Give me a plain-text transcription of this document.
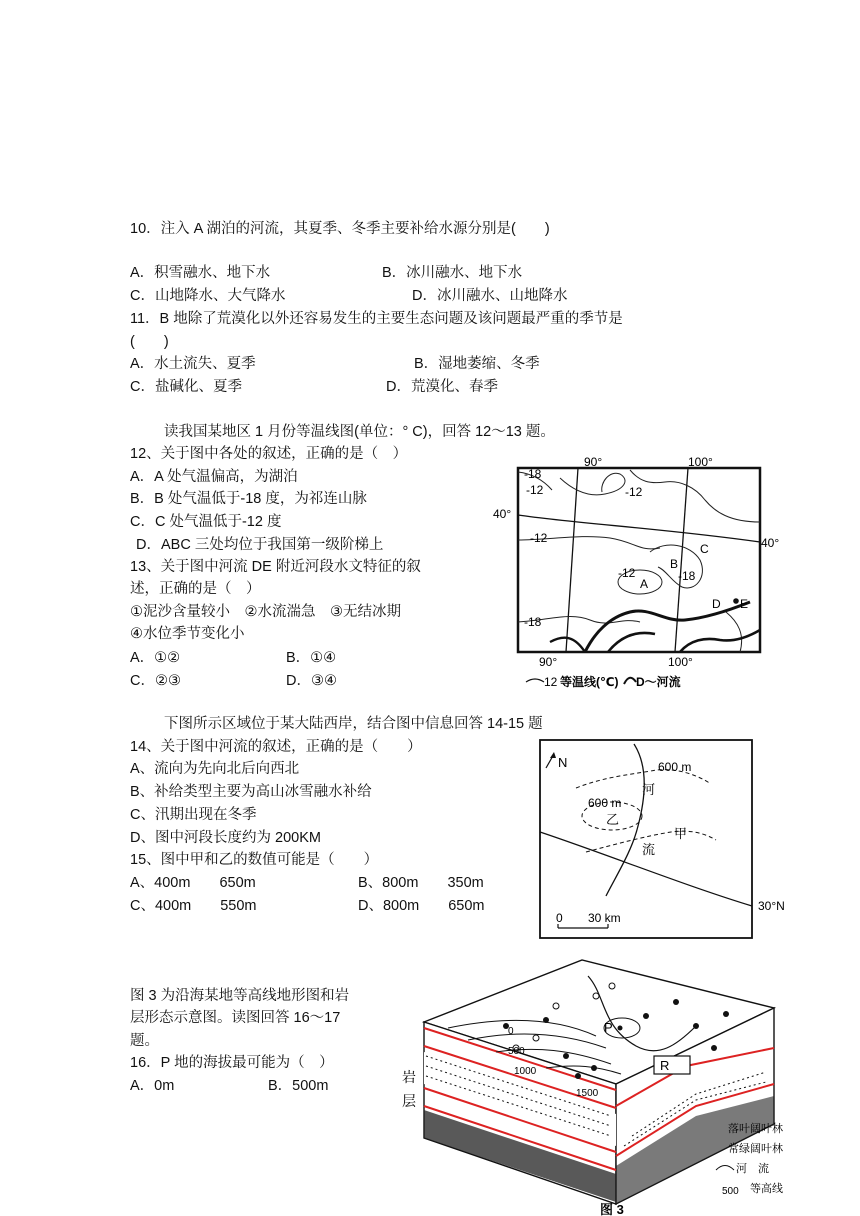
10．注入 A 湖泊的河流，其夏季、冬季主要补给水源分别是(　　)
A．积雪融水、地下水	B．冰川融水、地下水
C．山地降水、大气降水	D．冰川融水、山地降水
11．B 地除了荒漠化以外还容易发生的主要生态问题及该问题最严重的季节是
(　　)
A．水土流失、夏季	B．湿地萎缩、冬季
C．盐碱化、夏季	D．荒漠化、春季
读我国某地区 1 月份等温线图(单位：° C)，回答 12～13 题。
12、关于图中各处的叙述，正确的是（　）
A．A 处气温偏高，为湖泊
B．B 处气温低于-18 度，为祁连山脉
C．C 处气温低于-12 度
D．ABC 三处均位于我国第一级阶梯上
13、关于图中河流 DE 附近河段水文特征的叙
述，正确的是（　）
①泥沙含量较小　②水流湍急　③无结冰期
④水位季节变化小
A．①②	B．①④
C．②③	D．③④
90°	100°
90°	100°
40°
40°
-18
-12	-12
-12
-12	-18
-18
A
B
C
D E
12 等温线(℃) D～河流
下图所示区域位于某大陆西岸，结合图中信息回答 14-15 题
14、关于图中河流的叙述，正确的是（　　）
A、流向为先向北后向西北
B、补给类型主要为高山冰雪融水补给
C、汛期出现在冬季
D、图中河段长度约为 200KM
15、图中甲和乙的数值可能是（　　）
A、400m　　650m	B、800m　　350m
C、400m　　550m	D、800m　　650m
N	600 m
600 m
乙
甲
河
流
30°N
0 30 km
图 3 为沿海某地等高线地形图和岩
层形态示意图。读图回答 16～17
题。
16．P 地的海拔最可能为（　）
A．0m	B．500m
P
R
0
500
1000
1500
岩
层
落叶阔叶林
常绿阔叶林
河　流
500 等高线
图 3
